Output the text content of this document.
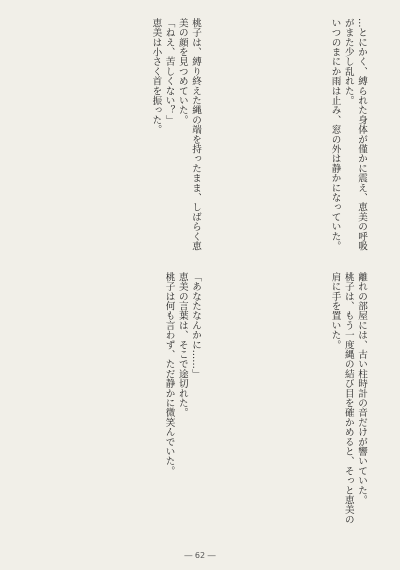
…とにかく、縛られた身体が僅かに震え、恵美の呼吸がまた少し乱れた。
いつのまにか雨は止み、窓の外は静かになっていた。
桃子は、縛り終えた縄の端を持ったまま、しばらく恵美の顔を見つめていた。
「ねえ、苦しくない？」
恵美は小さく首を振った。
離れの部屋には、古い柱時計の音だけが響いていた。
桃子は、もう一度縄の結び目を確かめると、そっと恵美の肩に手を置いた。
「あなたなんかに……」
恵美の言葉は、そこで途切れた。
桃子は何も言わず、ただ静かに微笑んでいた。
― 62 ―
